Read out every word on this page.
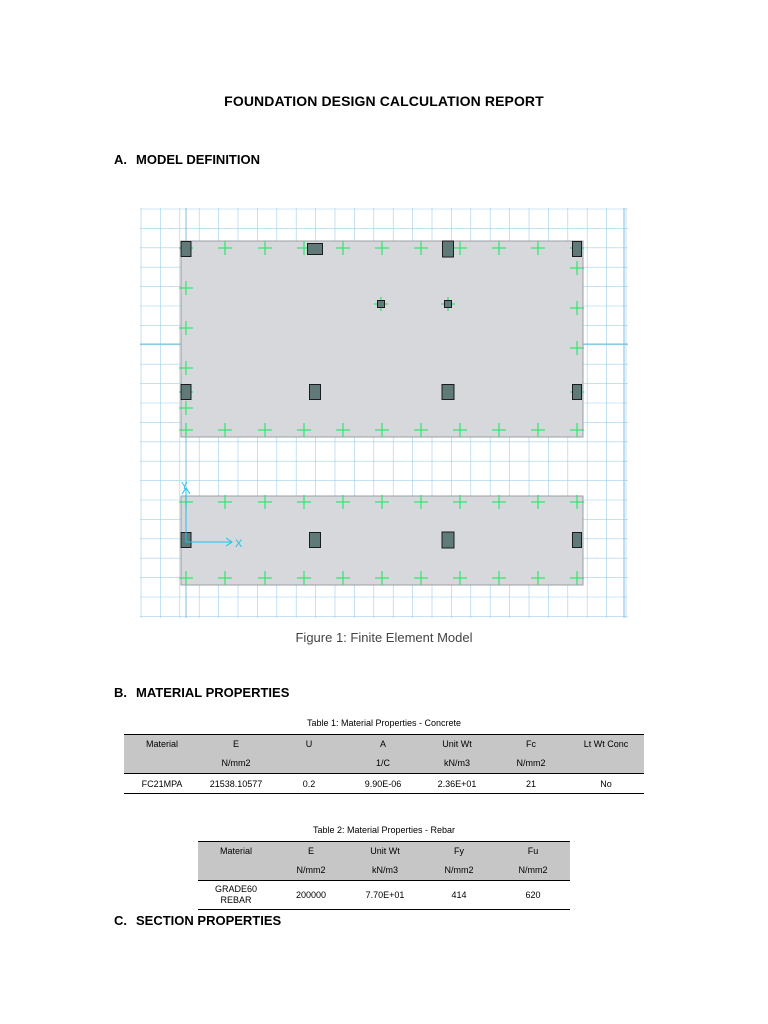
FOUNDATION DESIGN CALCULATION REPORT
A. MODEL DEFINITION
Y
X
Figure 1: Finite Element Model
B. MATERIAL PROPERTIES
Table 1: Material Properties - Concrete
Material	E	U	A	Unit Wt	Fc	Lt Wt Conc
	N/mm2		1/C	kN/m3	N/mm2	
FC21MPA	21538.10577	0.2	9.90E-06	2.36E+01	21	No
Table 2: Material Properties - Rebar
Material	E	Unit Wt	Fy	Fu
	N/mm2	kN/m3	N/mm2	N/mm2
GRADE60
REBAR	200000	7.70E+01	414	620
C. SECTION PROPERTIES
